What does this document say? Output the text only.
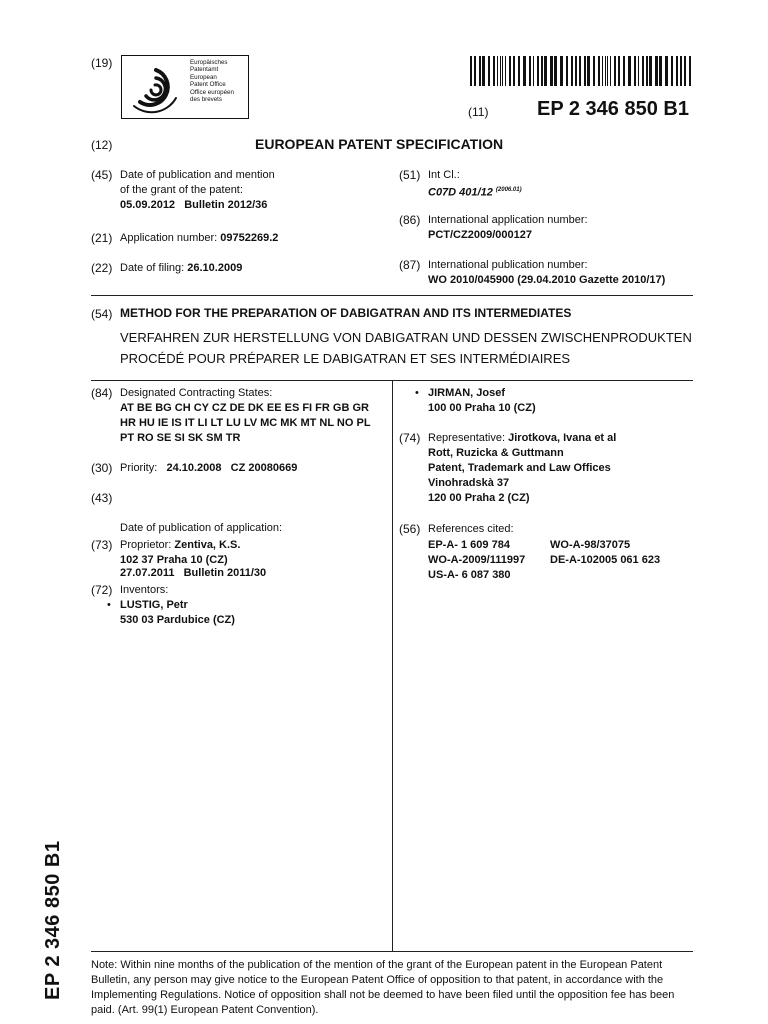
(19)	Europäisches
Patentamt
European
Patent Office
Office européen
des brevets
(11) EP 2 346 850 B1
(12)	EUROPEAN PATENT SPECIFICATION
(45) Date of publication and mention
of the grant of the patent:
05.09.2012   Bulletin 2012/36
(21) Application number: 09752269.2
(22) Date of filing: 26.10.2009
(51) Int Cl.:
C07D 401/12 $^{(2006.01)}$
(86) International application number:
PCT/CZ2009/000127
(87) International publication number:
WO 2010/045900 (29.04.2010 Gazette 2010/17)
(54) METHOD FOR THE PREPARATION OF DABIGATRAN AND ITS INTERMEDIATES
VERFAHREN ZUR HERSTELLUNG VON DABIGATRAN UND DESSEN ZWISCHENPRODUKTEN
PROCÉDÉ POUR PRÉPARER LE DABIGATRAN ET SES INTERMÉDIAIRES
(84) Designated Contracting States:
AT BE BG CH CY CZ DE DK EE ES FI FR GB GR
HR HU IE IS IT LI LT LU LV MC MK MT NL NO PL
PT RO SE SI SK SM TR
(30) Priority: 24.10.2008   CZ 20080669
(43)

Date of publication of application:

27.07.2011   Bulletin 2011/30

(73) Proprietor: Zentiva, K.S.
102 37 Praha 10 (CZ)
(72) Inventors:
• LUSTIG, Petr
530 03 Pardubice (CZ)
• JIRMAN, Josef
100 00 Praha 10 (CZ)
(74) Representative: Jirotkova, Ivana et al
Rott, Ruzicka & Guttmann
Patent, Trademark and Law Offices
Vinohradskà 37
120 00 Praha 2 (CZ)
(56) References cited:
EP-A- 1 609 784	WO-A-98/37075
WO-A-2009/111997 DE-A-102005 061 623
US-A- 6 087 380
EP 2 346 850 B1 Note: Within nine months of the publication of the mention of the grant of the European patent in the European Patent Bulletin, any person may give notice to the European Patent Office of opposition to that patent, in accordance with the Implementing Regulations. Notice of opposition shall not be deemed to have been filed until the opposition fee has been paid. (Art. 99(1) European Patent Convention).
